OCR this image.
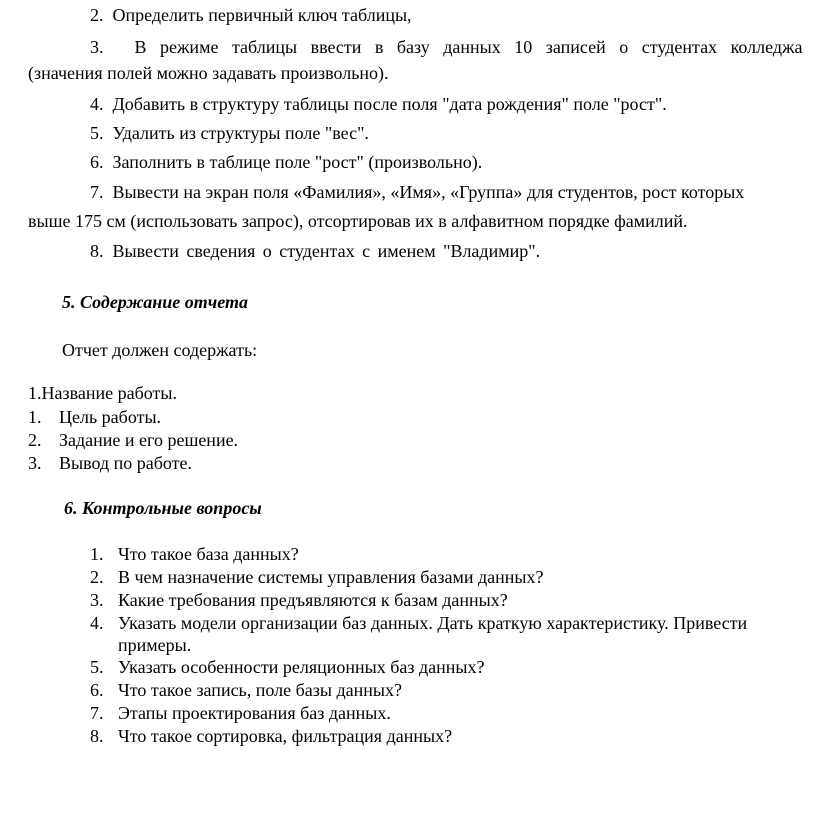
2. Определить первичный ключ таблицы,
3. В режиме таблицы ввести в базу данных 10 записей о студентах колледжа
(значения полей можно задавать произвольно).
4. Добавить в структуру таблицы после поля "дата рождения" поле "рост".
5. Удалить из структуры поле "вес".
6. Заполнить в таблице поле "рост" (произвольно).
7. Вывести на экран поля «Фамилия», «Имя», «Группа» для студентов, рост которых
выше 175 см (использовать запрос), отсортировав их в алфавитном порядке фамилий.
8. Вывести сведения о студентах с именем "Владимир".
5. Содержание отчета
Отчет должен содержать:
1.Название работы.
1. Цель работы.
2. Задание и его решение.
3. Вывод по работе.
6. Контрольные вопросы
1. Что такое база данных?
2. В чем назначение системы управления базами данных?
3. Какие требования предъявляются к базам данных?
4. Указать модели организации баз данных. Дать краткую характеристику. Привести
примеры.
5. Указать особенности реляционных баз данных?
6. Что такое запись, поле базы данных?
7. Этапы проектирования баз данных.
8. Что такое сортировка, фильтрация данных?
